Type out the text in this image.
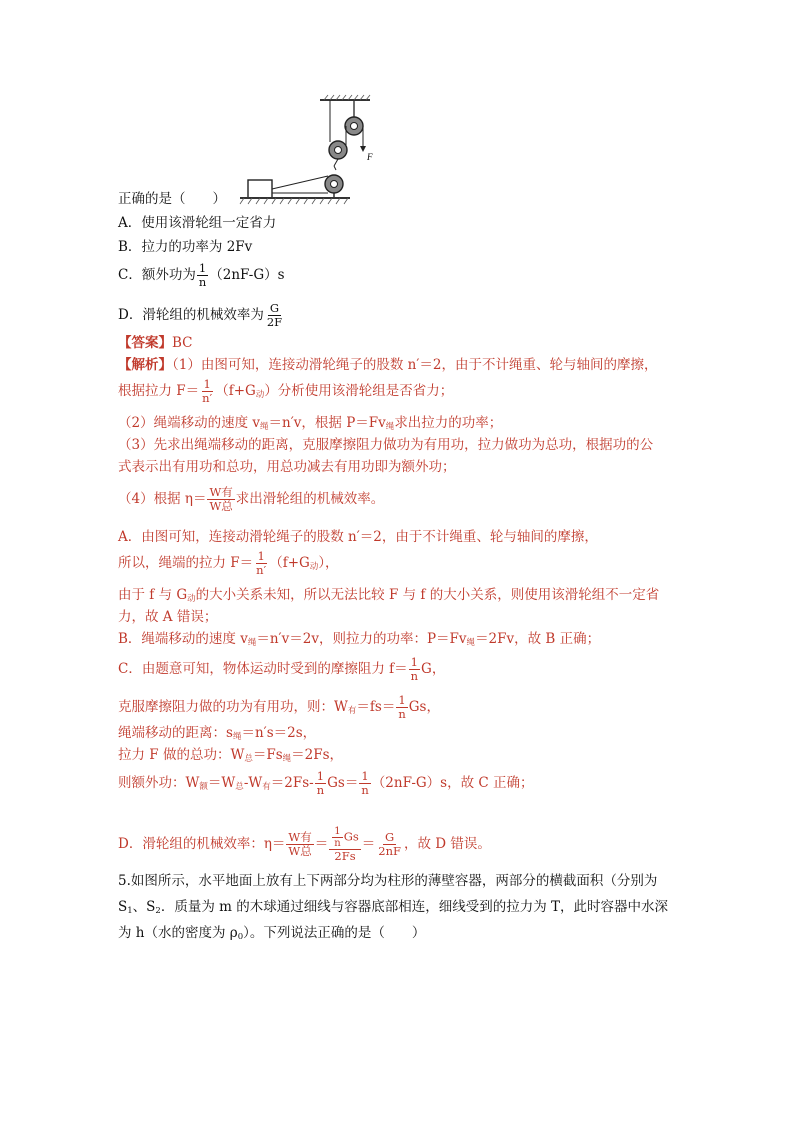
F
正确的是（　　）
A．使用该滑轮组一定省力
B．拉力的功率为 2Fv
C．额外功为 $\frac{1}{n} (2nF-G)s$
D．滑轮组的机械效率为 $\frac{G}{2F}$
【答案】BC
【解析】（1）由图可知，连接动滑轮绳子的股数 n′＝2，由于不计绳重、轮与轴间的摩擦，
根据拉力 $F= \frac{1}{n'} (f+G_动)$分析使用该滑轮组是否省力；
（2）绳端移动的速度 $v_绳=n'v$，根据 $P=Fv_绳$求出拉力的功率；
（3）先求出绳端移动的距离，克服摩擦阻力做功为有用功，拉力做功为总功，根据功的公
式表示出有用功和总功，用总功减去有用功即为额外功；
（4）根据 $\eta= \frac{\text{W有}}{\text{W总}}$ 求出滑轮组的机械效率。
A．由图可知，连接动滑轮绳子的股数 n′＝2，由于不计绳重、轮与轴间的摩擦，
所以，绳端的拉力 $F= \frac{1}{n'} (f+G_动)$，
由于 f 与 $G_动$的大小关系未知，所以无法比较 F 与 f 的大小关系，则使用该滑轮组不一定省
力，故 A 错误；
B．绳端移动的速度 $v_绳=n'v=2v$，则拉力的功率：$P=Fv_绳=2Fv$，故 B 正确；
C．由题意可知，物体运动时受到的摩擦阻力 $f= \frac{1}{n}$ G，
克服摩擦阻力做的功为有用功，则：$W_有=fs= \frac{1}{n}$ Gs，
绳端移动的距离：$s_绳=n's=2s$，
拉力 F 做的总功：$W_总=Fs_绳=2Fs$，
则额外功：$W_额=W_总-W_有=2Fs- \frac{1}{n} Gs= \frac{1}{n} (2nF-G)s$，故 C 正确；
D．滑轮组的机械效率：$\eta= \frac{\text{W有}}{\text{W总}} = \frac{\frac{1}{n} Gs}{2Fs} = \frac{G}{2nF}$ ，故 D 错误。
5.如图所示，水平地面上放有上下两部分均为柱形的薄壁容器，两部分的横截面积（分别为
$S_1$、$S_2$．质量为 m 的木球通过细线与容器底部相连，细线受到的拉力为 T，此时容器中水深
为 h（水的密度为 $\rho_0$）。下列说法正确的是（　　）
